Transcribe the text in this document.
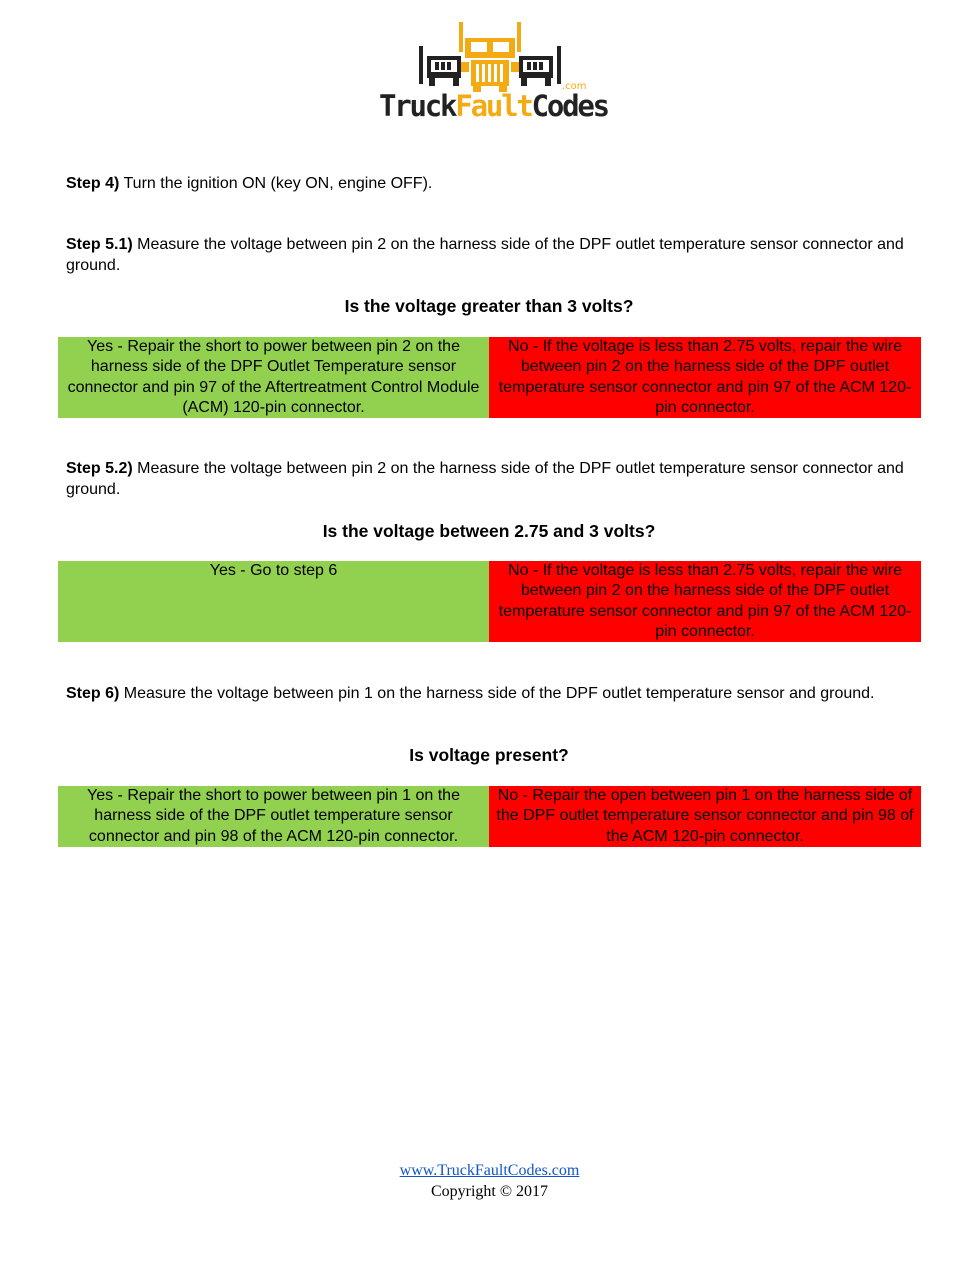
.com
TruckFaultCodes
Step 4) Turn the ignition ON (key ON, engine OFF).
Step 5.1) Measure the voltage between pin 2 on the harness side of the DPF outlet temperature sensor connector and ground.
Is the voltage greater than 3 volts?
Yes - Repair the short to power between pin 2 on the harness side of the DPF Outlet Temperature sensor connector and pin 97 of the Aftertreatment Control Module (ACM) 120-pin connector.
No - If the voltage is less than 2.75 volts, repair the wire between pin 2 on the harness side of the DPF outlet temperature sensor connector and pin 97 of the ACM 120-pin connector.
Step 5.2) Measure the voltage between pin 2 on the harness side of the DPF outlet temperature sensor connector and ground.
Is the voltage between 2.75 and 3 volts?
Yes - Go to step 6	No - If the voltage is less than 2.75 volts, repair the wire between pin 2 on the harness side of the DPF outlet temperature sensor connector and pin 97 of the ACM 120-pin connector.
Step 6) Measure the voltage between pin 1 on the harness side of the DPF outlet temperature sensor and ground.
Is voltage present?
Yes - Repair the short to power between pin 1 on the harness side of the DPF outlet temperature sensor connector and pin 98 of the ACM 120-pin connector.
No - Repair the open between pin 1 on the harness side of the DPF outlet temperature sensor connector and pin 98 of the ACM 120-pin connector.
www.TruckFaultCodes.com
Copyright © 2017
